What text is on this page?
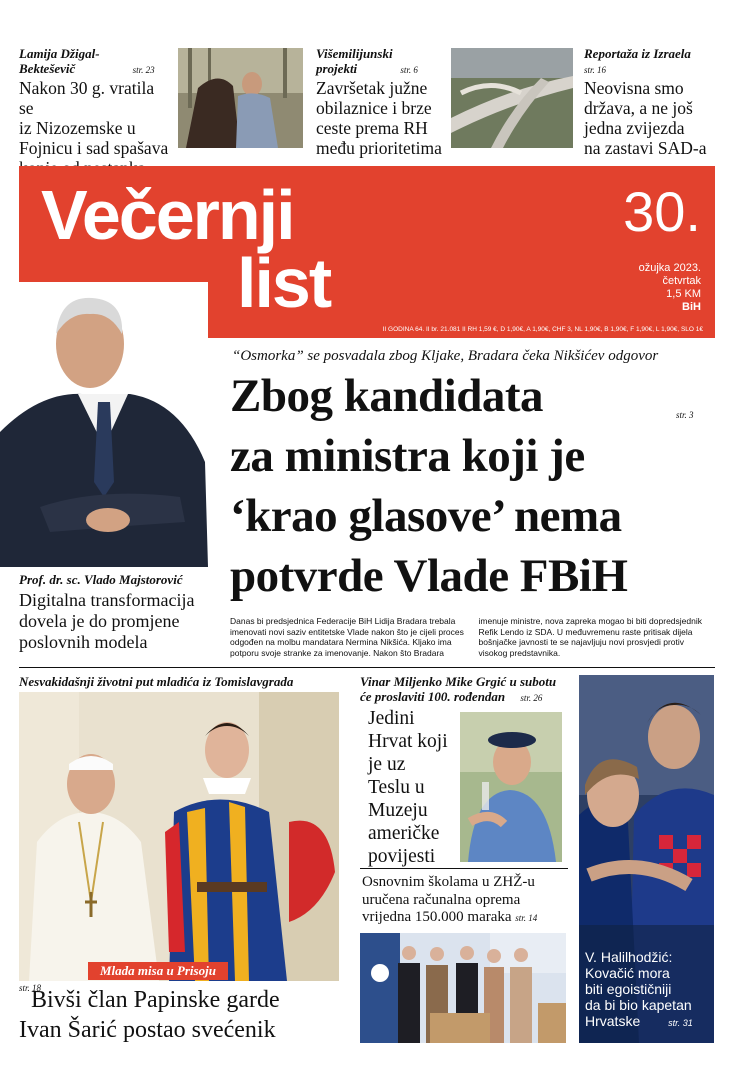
Lamija Džigal-
Bekteševič	str. 23
Nakon 30 g. vratila se
iz Nizozemske u
Fojnicu i sad spašava
Višemilijunski
projekti	str. 6
Završetak južne
obilaznice i brze
ceste prema RH
među prioritetima
Reportaža iz Izraela
str. 16
Neovisna smo
država, a ne još
jedna zvijezda
na zastavi SAD-a
Večernji
list
30.
ožujka 2023.
četvrtak
1,5 KM
BiH
II GODINA 64. II br. 21.081 II RH 1,59 €, D 1,90€, A 1,90€, CHF 3, NL 1,90€, B 1,90€, F 1,90€, L 1,90€, SLO 1€
Prof. dr. sc. Vlado Majstorović
Digitalna transformacija
dovela je do promjene
poslovnih modela
“Osmorka” se posvadala zbog Kljake, Bradara čeka Nikšićev odgovor
Zbog kandidata
za ministra koji je
‘krao glasove’ nema
potvrde Vlade FBiH
str. 3
Danas bi predsjednica Federacije BiH Lidija Bradara trebala imenovati novi saziv entitetske Vlade nakon što je cijeli proces odgođen na molbu mandatara Nermina Nikšića. Kljako ima potporu svoje stranke za imenovanje. Nakon što Bradara imenuje ministre, nova zapreka mogao bi biti dopredsjednik Refik Lendo iz SDA. U međuvremenu raste pritisak dijela bošnjačke javnosti te se najavljuju novi prosvjedi protiv visokog predstavnika.
Nesvakidašnji životni put mladića iz Tomislavgrada
str. 18
Mlada misa u Prisoju
Bivši član Papinske garde
Ivan Šarić postao svećenik
Vinar Miljenko Mike Grgić u subotu
će proslaviti 100. rođendan str. 26
Jedini
Hrvat koji
je uz
Teslu u
Muzeju
američke
povijesti
Osnovnim školama u ZHŽ-u
uručena računalna oprema
vrijedna 150.000 maraka str. 14
V. Halilhodžić:
Kovačić mora
biti egoističniji
da bi bio kapetan
Hrvatske	str. 31
